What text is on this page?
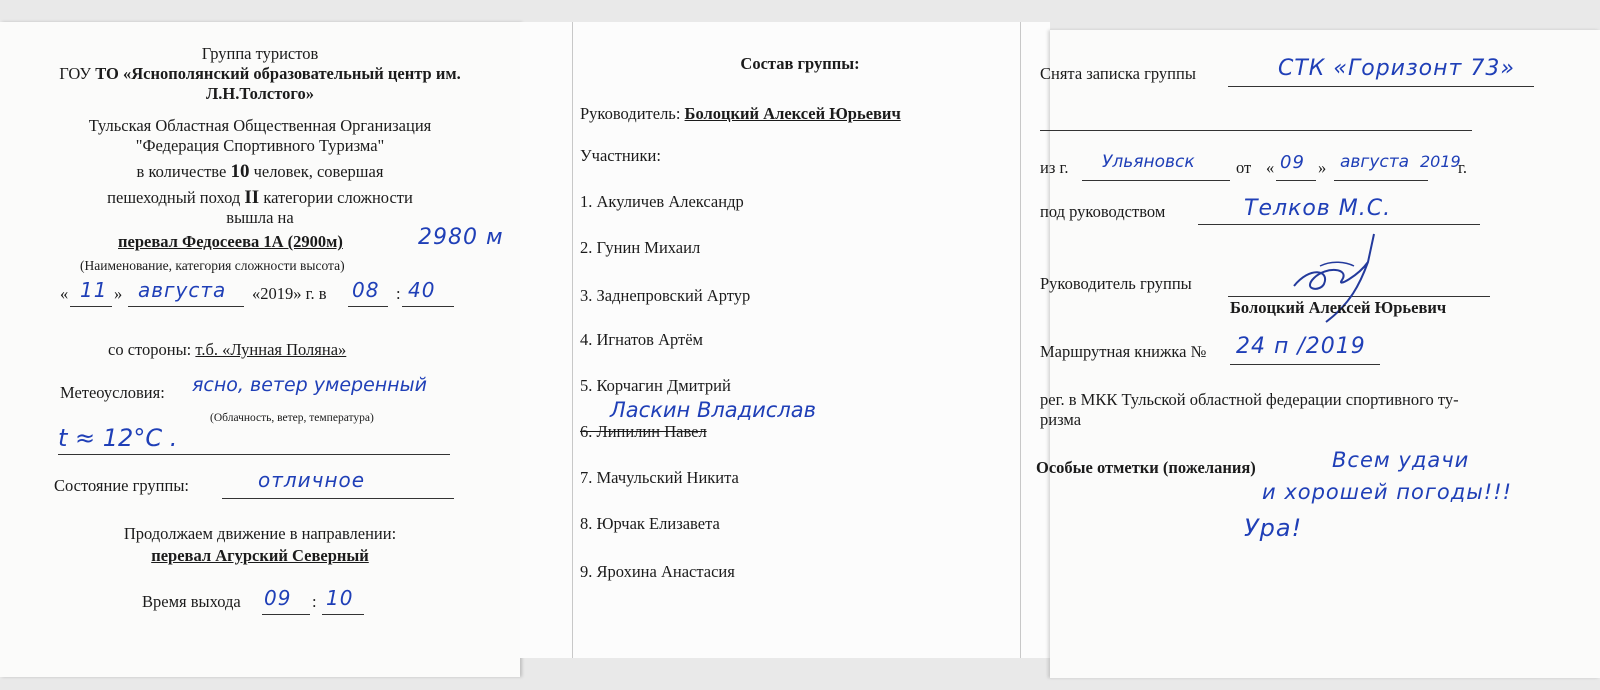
Группа туристов
ГОУ ТО «Яснополянский образовательный центр им.
Л.Н.Толстого»
Тульская Областная Общественная Организация
"Федерация Спортивного Туризма"
в количестве 10 человек, совершая
пешеходный поход II категории сложности
вышла на
перевал Федосеева 1А (2900м)	2980 м
(Наименование, категория сложности высота)
« 11 » августа «2019» г. в 08 : 40
со стороны: т.б. «Лунная Поляна»
Метеоусловия: ясно, ветер умеренный
(Облачность, ветер, температура)
t ≈ 12°C .
Состояние группы:	отличное
Продолжаем движение в направлении:
перевал Агурский Северный
Время выхода 09 : 10
Состав группы:
Руководитель: Болоцкий Алексей Юрьевич
Участники:
1. Акуличев Александр
2. Гунин Михаил
3. Заднепровский Артур
4. Игнатов Артём
5. Корчагин Дмитрий
Ласкин Владислав
6. Липилин Павел
7. Мачульский Никита
8. Юрчак Елизавета
9. Ярохина Анастасия
Снята записка группы	СТК «Горизонт 73»
из г. Ульяновск	от « 09 » августа 2019
г.
под руководством	Телков М.С.
Руководитель группы
Болоцкий Алексей Юрьевич
Маршрутная книжка № 24 п /2019
рег. в МКК Тульской областной федерации спортивного ту-
ризма
Особые отметки (пожелания)	Всем удачи
и хорошей погоды!!!
Ура!
